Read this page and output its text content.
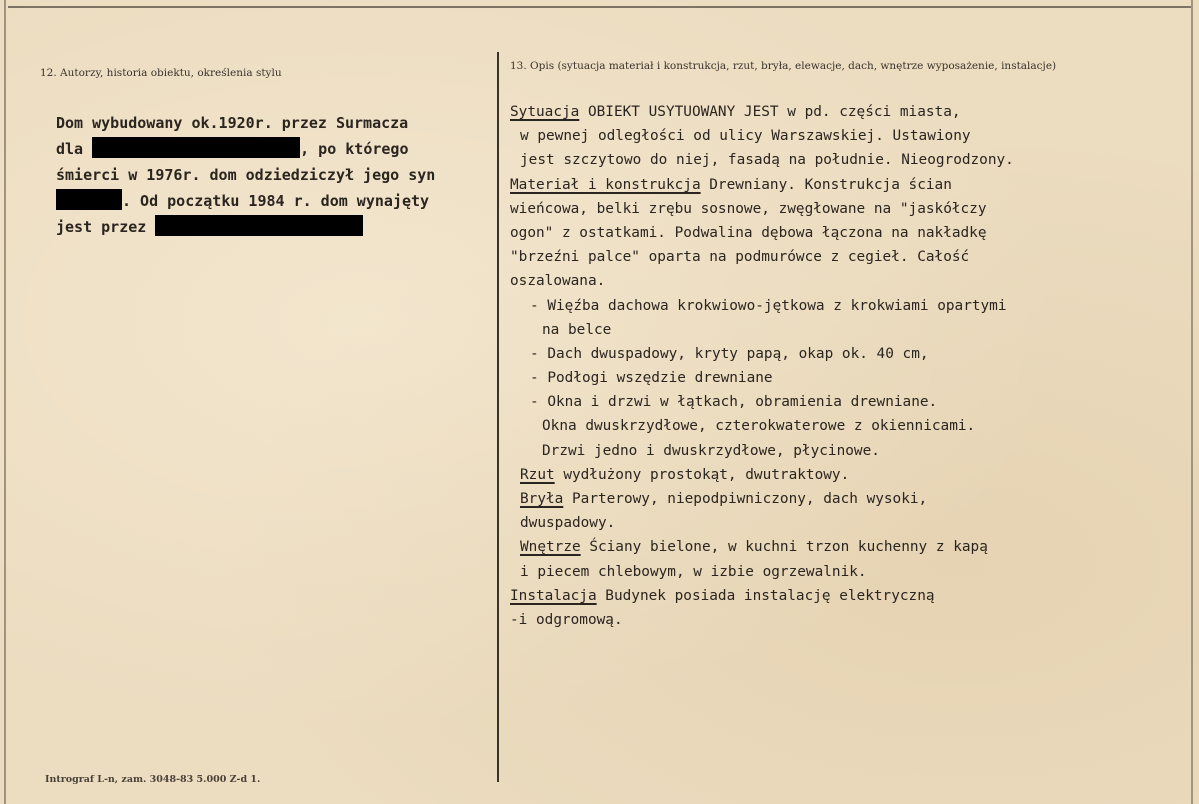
12. Autorzy, historia obiektu, określenia stylu
13. Opis (sytuacja materiał i konstrukcja, rzut, bryła, elewacje, dach, wnętrze wyposażenie, instalacje)
Dom wybudowany ok.1920r. przez Surmacza
dla	, po którego
śmierci w 1976r. dom odziedziczył jego syn
. Od początku 1984 r. dom wynajęty
jest przez
Sytuacja OBIEKT USYTUOWANY JEST w pd. części miasta,
w pewnej odległości od ulicy Warszawskiej. Ustawiony
jest szczytowo do niej, fasadą na południe. Nieogrodzony.
Materiał i konstrukcja Drewniany. Konstrukcja ścian
wieńcowa, belki zrębu sosnowe, zwęgłowane na "jaskółczy
ogon" z ostatkami. Podwalina dębowa łączona na nakładkę
"brzeźni palce" oparta na podmurówce z cegieł. Całość
oszalowana.
- Więźba dachowa krokwiowo-jętkowa z krokwiami opartymi
na belce
- Dach dwuspadowy, kryty papą, okap ok. 40 cm,
- Podłogi wszędzie drewniane
- Okna i drzwi w łątkach, obramienia drewniane.
Okna dwuskrzydłowe, czterokwaterowe z okiennicami.
Drzwi jedno i dwuskrzydłowe, płycinowe.
Rzut wydłużony prostokąt, dwutraktowy.
Bryła Parterowy, niepodpiwniczony, dach wysoki,
dwuspadowy.
Wnętrze Ściany bielone, w kuchni trzon kuchenny z kapą
i piecem chlebowym, w izbie ogrzewalnik.
Instalacja Budynek posiada instalację elektryczną
-i odgromową.
Intrograf L-n, zam. 3048-83 5.000 Z-d 1.
